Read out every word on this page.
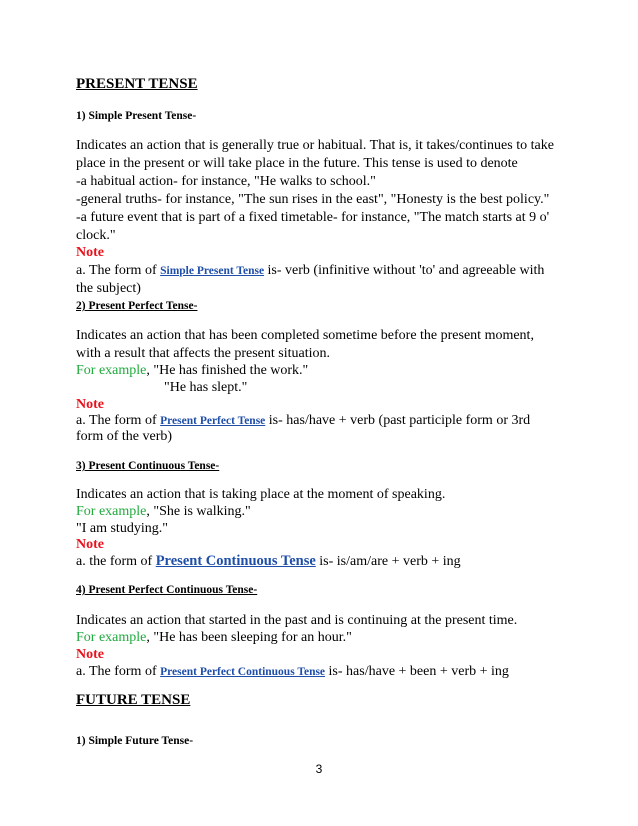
PRESENT TENSE
1) Simple Present Tense-
Indicates an action that is generally true or habitual. That is, it takes/continues to take
place in the present or will take place in the future. This tense is used to denote
-a habitual action- for instance, "He walks to school."
-general truths- for instance, "The sun rises in the east", "Honesty is the best policy."
-a future event that is part of a fixed timetable- for instance, "The match starts at 9 o'
clock."
Note
a. The form of Simple Present Tense is- verb (infinitive without 'to' and agreeable with
the subject)
2) Present Perfect Tense-
Indicates an action that has been completed sometime before the present moment,
with a result that affects the present situation.
For example, "He has finished the work."
"He has slept."
Note
a. The form of Present Perfect Tense is- has/have + verb (past participle form or 3rd
form of the verb)
3) Present Continuous Tense-
Indicates an action that is taking place at the moment of speaking.
For example, "She is walking."
"I am studying."
Note
a. the form of Present Continuous Tense is- is/am/are + verb + ing
4) Present Perfect Continuous Tense-
Indicates an action that started in the past and is continuing at the present time.
For example, "He has been sleeping for an hour."
Note
a. The form of Present Perfect Continuous Tense is- has/have + been + verb + ing
FUTURE TENSE
1) Simple Future Tense-
3
